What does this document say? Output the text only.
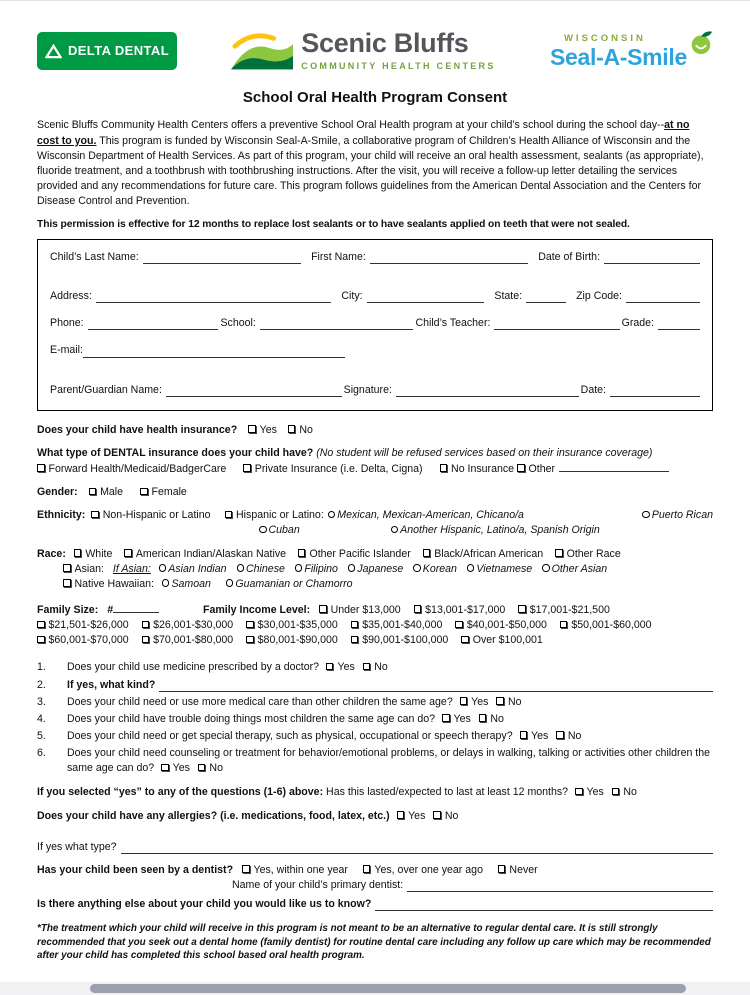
DELTA DENTAL	Scenic Bluffs
COMMUNITY HEALTH CENTERS
WISCONSIN
Seal-A-Smile
School Oral Health Program Consent
Scenic Bluffs Community Health Centers offers a preventive School Oral Health program at your child’s school during the school day--at no cost to you. This program is funded by Wisconsin Seal-A-Smile, a collaborative program of Children’s Health Alliance of Wisconsin and the Wisconsin Department of Health Services. As part of this program, your child will receive an oral health assessment, sealants (as appropriate), fluoride treatment, and a toothbrush with toothbrushing instructions. After the visit, you will receive a follow-up letter detailing the services provided and any recommendations for future care. This program follows guidelines from the American Dental Association and the Centers for Disease Control and Prevention.
This permission is effective for 12 months to replace lost sealants or to have sealants applied on teeth that were not sealed.
Child’s Last Name:	First Name:	Date of Birth:
Address:	City:	State:	Zip Code:
Phone:	School:	Child’s Teacher:	Grade:
E-mail:
Parent/Guardian Name:	Signature:	Date:
Does your child have health insurance? Yes No
What type of DENTAL insurance does your child have? (No student will be refused services based on their insurance coverage)
Forward Health/Medicaid/BadgerCare	Private Insurance (i.e. Delta, Cigna)	No Insurance Other
Gender: Male	Female
Ethnicity:	Non-Hispanic or Latino	Hispanic or Latino:	Mexican, Mexican-American, Chicano/a	Puerto Rican
Cuban	Another Hispanic, Latino/a, Spanish Origin
Race: White American Indian/Alaskan Native Other Pacific Islander Black/African American Other Race
Asian: If Asian: Asian Indian Chinese Filipino Japanese Korean Vietnamese Other Asian
Native Hawaiian: Samoan Guamanian or Chamorro
Family Size: #	Family Income Level: Under $13,000 $13,001-$17,000 $17,001-$21,500 $21,501-$26,000 $26,001-$30,000 $30,001-$35,000 $35,001-$40,000 $40,001-$50,000 $50,001-$60,000 $60,001-$70,000 $70,001-$80,000 $80,001-$90,000 $90,001-$100,000 Over $100,001
1. Does your child use medicine prescribed by a doctor? Yes No
2.	If yes, what kind?
3. Does your child need or use more medical care than other children the same age? Yes No
4. Does your child have trouble doing things most children the same age can do? Yes No
5. Does your child need or get special therapy, such as physical, occupational or speech therapy? Yes No
6. Does your child need counseling or treatment for behavior/emotional problems, or delays in walking, talking or activities other children the same age can do? Yes No
If you selected “yes” to any of the questions (1-6) above: Has this lasted/expected to last at least 12 months? Yes No
Does your child have any allergies? (i.e. medications, food, latex, etc.) Yes No
If yes what type?
Has your child been seen by a dentist? Yes, within one year Yes, over one year ago Never
Name of your child’s primary dentist:
Is there anything else about your child you would like us to know?
*The treatment which your child will receive in this program is not meant to be an alternative to regular dental care. It is still strongly recommended that you seek out a dental home (family dentist) for routine dental care including any follow up care which may be recommended after your child has completed this school based oral health program.
